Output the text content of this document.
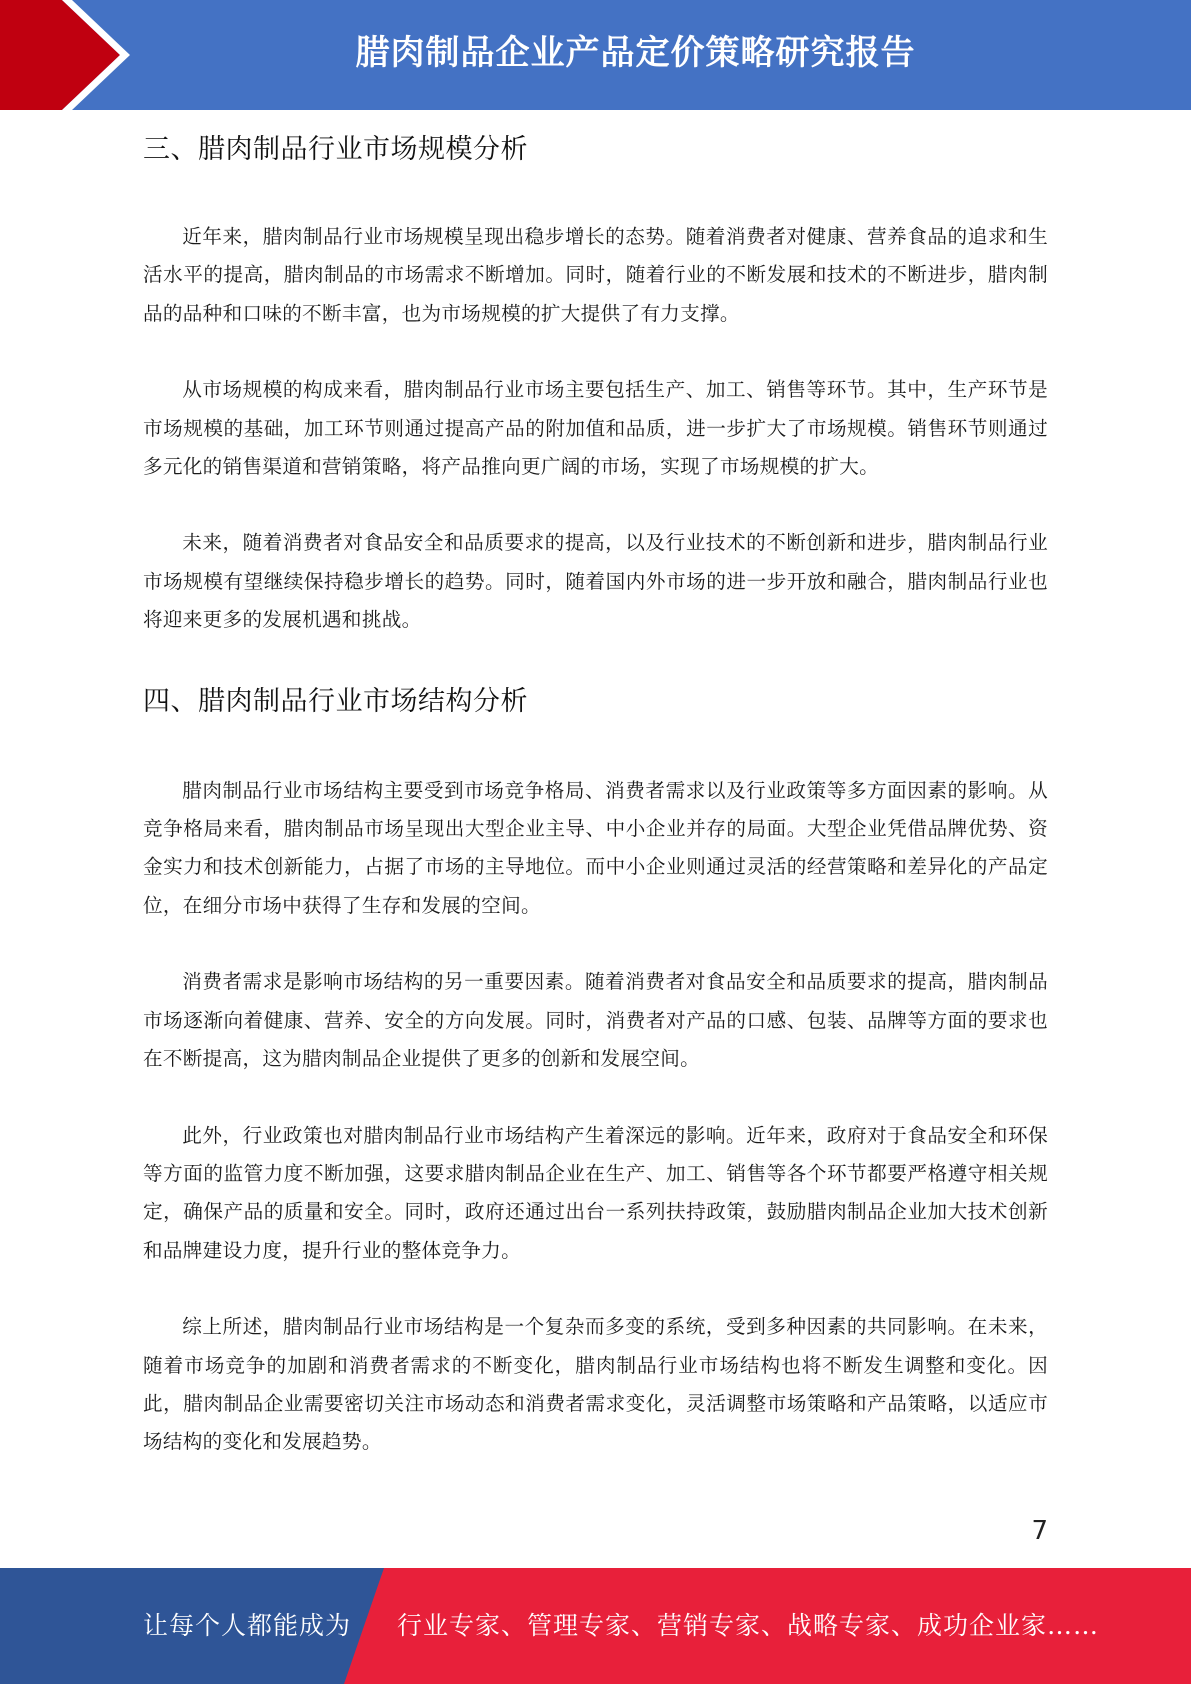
腊肉制品企业产品定价策略研究报告
三、腊肉制品行业市场规模分析

近年来，腊肉制品行业市场规模呈现出稳步增长的态势。随着消费者对健康、营养食品的追求和生活水平的提高，腊肉制品的市场需求不断增加。同时，随着行业的不断发展和技术的不断进步，腊肉制品的品种和口味的不断丰富，也为市场规模的扩大提供了有力支撑。

从市场规模的构成来看，腊肉制品行业市场主要包括生产、加工、销售等环节。其中，生产环节是市场规模的基础，加工环节则通过提高产品的附加值和品质，进一步扩大了市场规模。销售环节则通过多元化的销售渠道和营销策略，将产品推向更广阔的市场，实现了市场规模的扩大。

未来，随着消费者对食品安全和品质要求的提高，以及行业技术的不断创新和进步，腊肉制品行业市场规模有望继续保持稳步增长的趋势。同时，随着国内外市场的进一步开放和融合，腊肉制品行业也将迎来更多的发展机遇和挑战。

四、腊肉制品行业市场结构分析

腊肉制品行业市场结构主要受到市场竞争格局、消费者需求以及行业政策等多方面因素的影响。从竞争格局来看，腊肉制品市场呈现出大型企业主导、中小企业并存的局面。大型企业凭借品牌优势、资金实力和技术创新能力，占据了市场的主导地位。而中小企业则通过灵活的经营策略和差异化的产品定位，在细分市场中获得了生存和发展的空间。

消费者需求是影响市场结构的另一重要因素。随着消费者对食品安全和品质要求的提高，腊肉制品市场逐渐向着健康、营养、安全的方向发展。同时，消费者对产品的口感、包装、品牌等方面的要求也在不断提高，这为腊肉制品企业提供了更多的创新和发展空间。

此外，行业政策也对腊肉制品行业市场结构产生着深远的影响。近年来，政府对于食品安全和环保等方面的监管力度不断加强，这要求腊肉制品企业在生产、加工、销售等各个环节都要严格遵守相关规定，确保产品的质量和安全。同时，政府还通过出台一系列扶持政策，鼓励腊肉制品企业加大技术创新和品牌建设力度，提升行业的整体竞争力。

综上所述，腊肉制品行业市场结构是一个复杂而多变的系统，受到多种因素的共同影响。在未来，随着市场竞争的加剧和消费者需求的不断变化，腊肉制品行业市场结构也将不断发生调整和变化。因此，腊肉制品企业需要密切关注市场动态和消费者需求变化，灵活调整市场策略和产品策略，以适应市场结构的变化和发展趋势。

7
让每个人都能成为 行业专家、管理专家、营销专家、战略专家、成功企业家……
